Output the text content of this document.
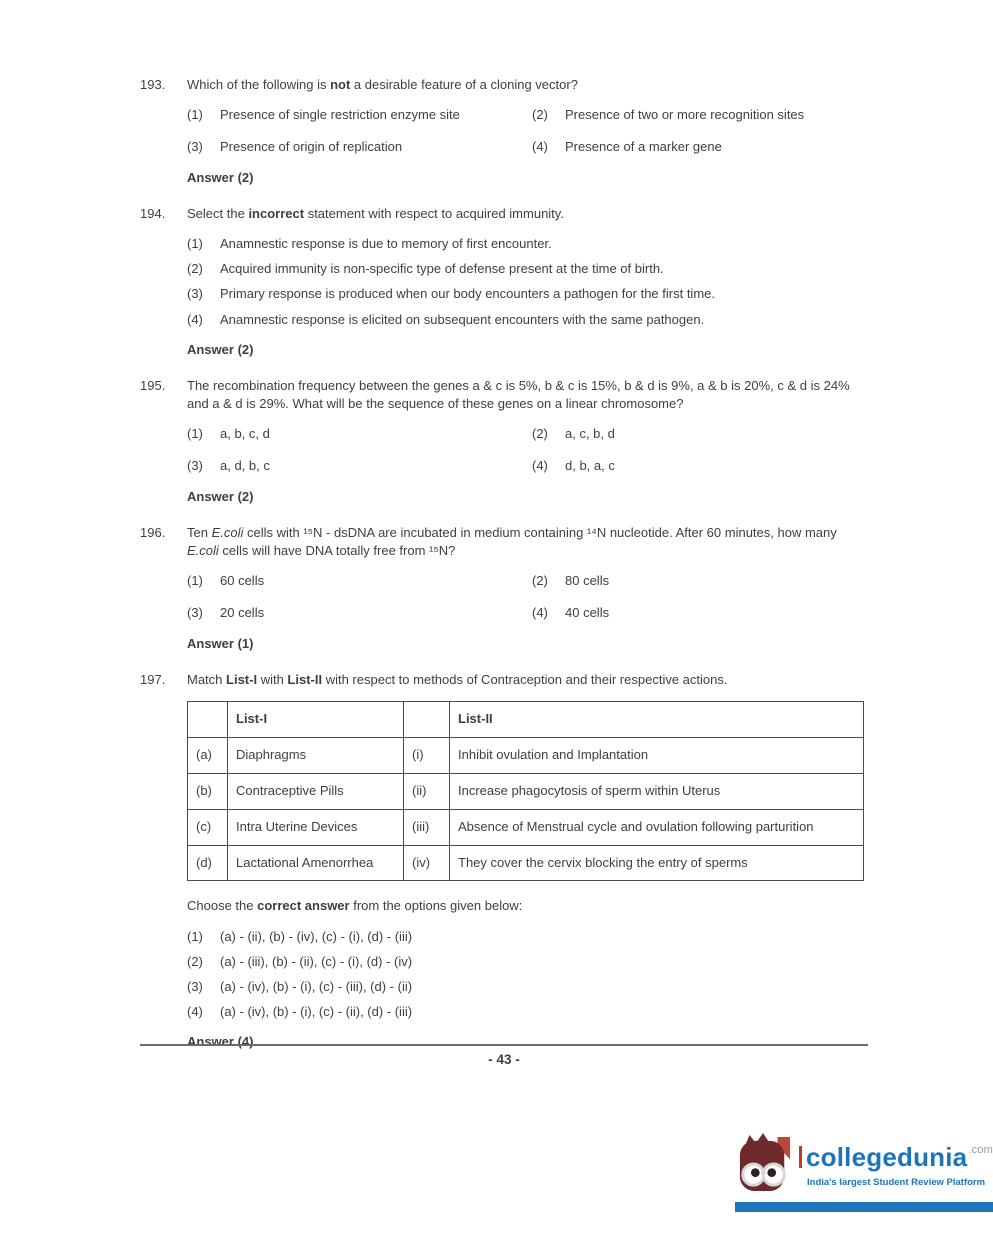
193.	Which of the following is not a desirable feature of a cloning vector?

(1)	Presence of single restriction enzyme site	(2)	Presence of two or more recognition sites
(3)	Presence of origin of replication	(4)	Presence of a marker gene

Answer (2)

194.	Select the incorrect statement with respect to acquired immunity.

(1)	Anamnestic response is due to memory of first encounter.
(2)	Acquired immunity is non-specific type of defense present at the time of birth.
(3)	Primary response is produced when our body encounters a pathogen for the first time.
(4)	Anamnestic response is elicited on subsequent encounters with the same pathogen.

Answer (2)

195.	The recombination frequency between the genes a & c is 5%, b & c is 15%, b & d is 9%, a & b is 20%, c & d is 24% and a & d is 29%. What will be the sequence of these genes on a linear chromosome?

(1)	a, b, c, d	(2)	a, c, b, d
(3)	a, d, b, c	(4)	d, b, a, c

Answer (2)

196.	Ten E.coli cells with ¹⁵N - dsDNA are incubated in medium containing ¹⁴N nucleotide. After 60 minutes, how many E.coli cells will have DNA totally free from ¹⁵N?

(1)	60 cells	(2)	80 cells
(3)	20 cells	(4)	40 cells

Answer (1)

197.	Match List-I with List-II with respect to methods of Contraception and their respective actions.

	List-I		List-II
(a)	Diaphragms	(i)	Inhibit ovulation and Implantation
(b)	Contraceptive Pills	(ii)	Increase phagocytosis of sperm within Uterus
(c)	Intra Uterine Devices	(iii)	Absence of Menstrual cycle and ovulation following parturition
(d)	Lactational Amenorrhea	(iv)	They cover the cervix blocking the entry of sperms

Choose the correct answer from the options given below:

(1)	(a) - (ii), (b) - (iv), (c) - (i), (d) - (iii)
(2)	(a) - (iii), (b) - (ii), (c) - (i), (d) - (iv)
(3)	(a) - (iv), (b) - (i), (c) - (iii), (d) - (ii)
(4)	(a) - (iv), (b) - (i), (c) - (ii), (d) - (iii)

Answer (4)

- 43 -
collegedunia .com
India's largest Student Review Platform
